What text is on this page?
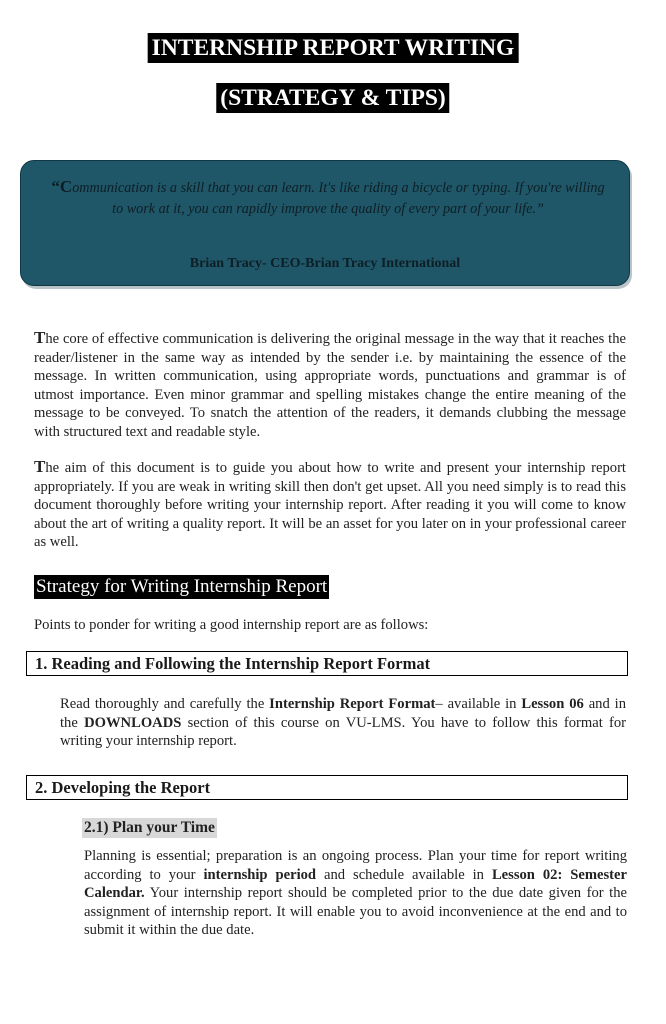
INTERNSHIP REPORT WRITING
(STRATEGY & TIPS)
“Communication is a skill that you can learn. It's like riding a bicycle or typing. If you're willing to work at it, you can rapidly improve the quality of every part of your life.”
Brian Tracy- CEO-Brian Tracy International
The core of effective communication is delivering the original message in the way that it reaches the reader/listener in the same way as intended by the sender i.e. by maintaining the essence of the message. In written communication, using appropriate words, punctuations and grammar is of utmost importance. Even minor grammar and spelling mistakes change the entire meaning of the message to be conveyed. To snatch the attention of the readers, it demands clubbing the message with structured text and readable style.
The aim of this document is to guide you about how to write and present your internship report appropriately. If you are weak in writing skill then don't get upset. All you need simply is to read this document thoroughly before writing your internship report. After reading it you will come to know about the art of writing a quality report. It will be an asset for you later on in your professional career as well.
Strategy for Writing Internship Report
Points to ponder for writing a good internship report are as follows:
1. Reading and Following the Internship Report Format
Read thoroughly and carefully the Internship Report Format– available in Lesson 06 and in the DOWNLOADS section of this course on VU-LMS. You have to follow this format for writing your internship report.
2. Developing the Report
2.1) Plan your Time
Planning is essential; preparation is an ongoing process. Plan your time for report writing according to your internship period and schedule available in Lesson 02: Semester Calendar. Your internship report should be completed prior to the due date given for the assignment of internship report. It will enable you to avoid inconvenience at the end and to submit it within the due date.
